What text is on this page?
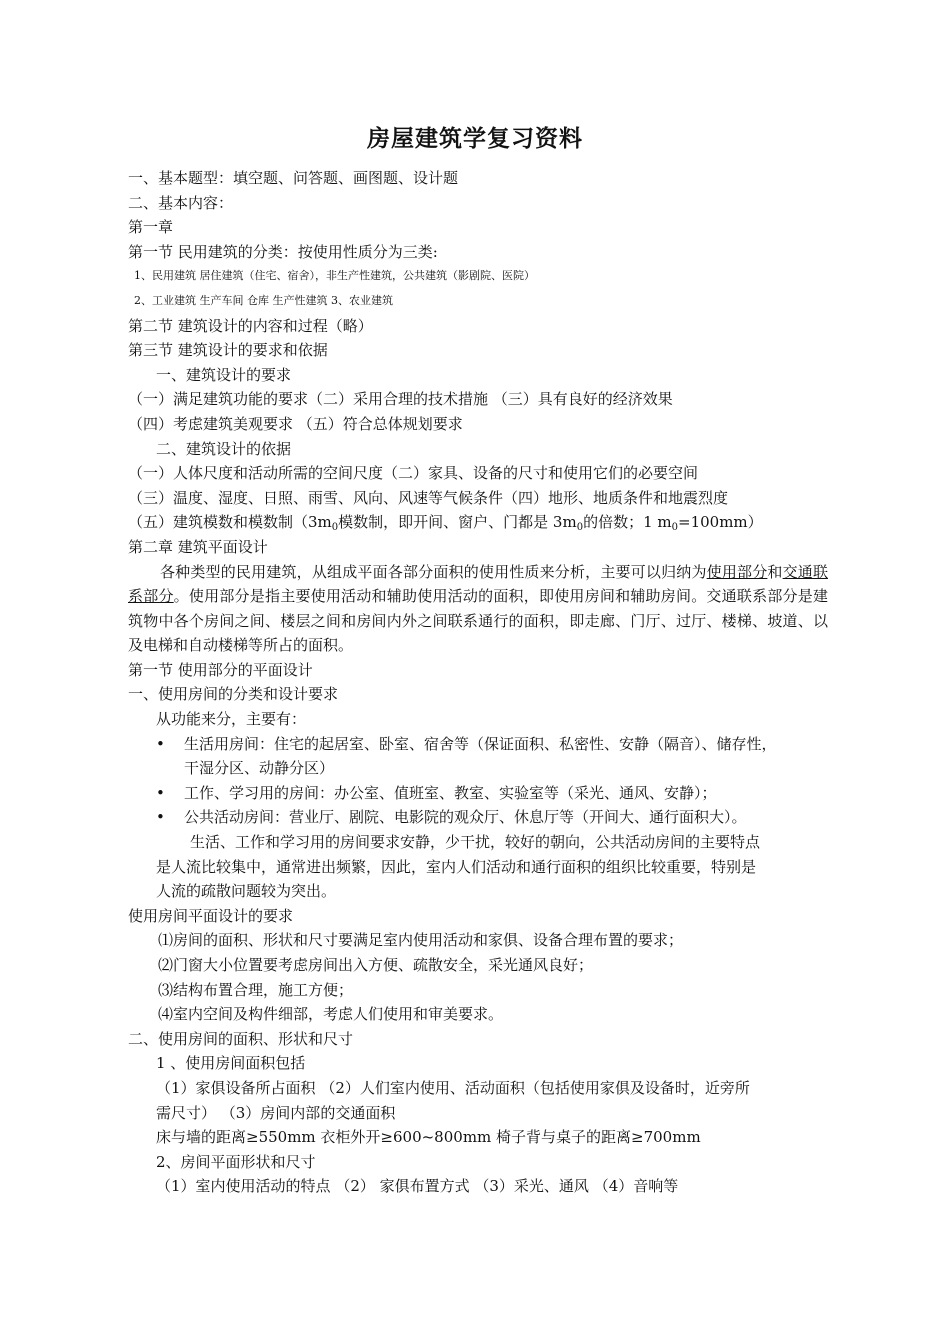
房屋建筑学复习资料
一、基本题型：填空题、问答题、画图题、设计题
二、基本内容：
第一章
第一节 民用建筑的分类：按使用性质分为三类:
1、民用建筑 居住建筑（住宅、宿舍），非生产性建筑，公共建筑（影剧院、医院）
2、工业建筑 生产车间 仓库 生产性建筑 3、农业建筑
第二节 建筑设计的内容和过程（略）
第三节 建筑设计的要求和依据
一、建筑设计的要求
（一）满足建筑功能的要求（二）采用合理的技术措施 （三）具有良好的经济效果
（四）考虑建筑美观要求 （五）符合总体规划要求
二、建筑设计的依据
（一）人体尺度和活动所需的空间尺度（二）家具、设备的尺寸和使用它们的必要空间
（三）温度、湿度、日照、雨雪、风向、风速等气候条件（四）地形、地质条件和地震烈度
（五）建筑模数和模数制（$3m_0$模数制，即开间、窗户、门都是 $3m_0$的倍数；1 $m_0=100mm$）
第二章 建筑平面设计
各种类型的民用建筑，从组成平面各部分面积的使用性质来分析，主要可以归纳为使用部分和交通联系部分。使用部分是指主要使用活动和辅助使用活动的面积，即使用房间和辅助房间。交通联系部分是建筑物中各个房间之间、楼层之间和房间内外之间联系通行的面积，即走廊、门厅、过厅、楼梯、坡道、以及电梯和自动楼梯等所占的面积。
第一节 使用部分的平面设计
一、使用房间的分类和设计要求
从功能来分，主要有：
• 生活用房间：住宅的起居室、卧室、宿舍等（保证面积、私密性、安静（隔音）、储存性，
干湿分区、动静分区）
• 工作、学习用的房间：办公室、值班室、教室、实验室等（采光、通风、安静）；
• 公共活动房间：营业厅、剧院、电影院的观众厅、休息厅等（开间大、通行面积大）。
生活、工作和学习用的房间要求安静，少干扰，较好的朝向，公共活动房间的主要特点
是人流比较集中，通常进出频繁，因此，室内人们活动和通行面积的组织比较重要，特别是
人流的疏散问题较为突出。
使用房间平面设计的要求
⑴房间的面积、形状和尺寸要满足室内使用活动和家俱、设备合理布置的要求；
⑵门窗大小位置要考虑房间出入方便、疏散安全，采光通风良好；
⑶结构布置合理，施工方便；
⑷室内空间及构件细部，考虑人们使用和审美要求。
二、使用房间的面积、形状和尺寸
1 、使用房间面积包括
（1）家俱设备所占面积 （2）人们室内使用、活动面积（包括使用家俱及设备时，近旁所
需尺寸） （3）房间内部的交通面积
床与墙的距离≥550mm 衣柜外开≥600~800mm 椅子背与桌子的距离≥700mm
2、房间平面形状和尺寸
（1）室内使用活动的特点 （2） 家俱布置方式 （3）采光、通风 （4）音响等
